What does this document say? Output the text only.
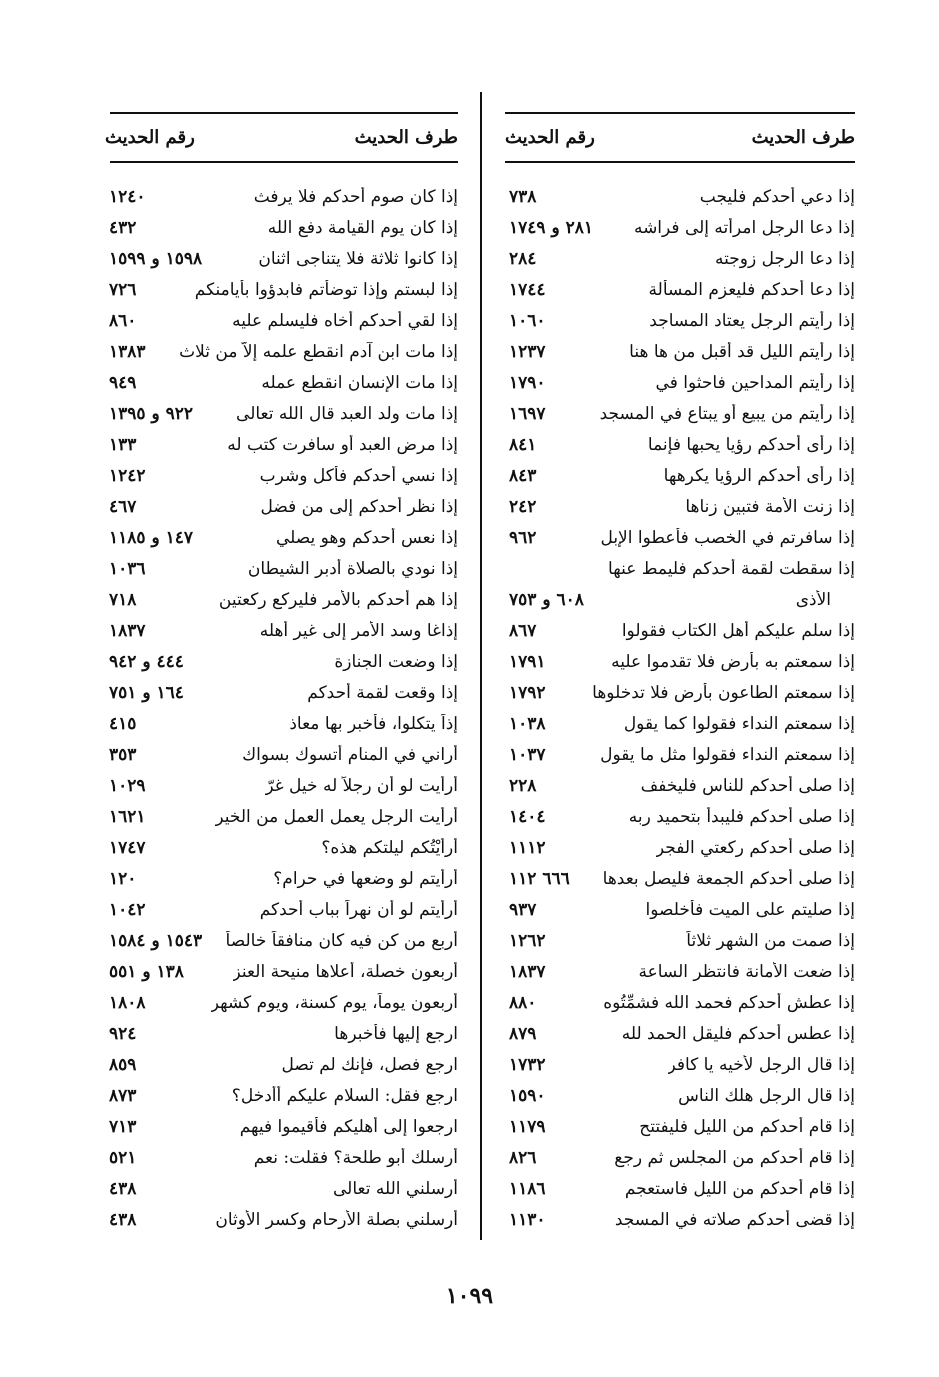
طرف الحديث
رقم الحديث
إذا دعي أحدكم فليجب
٧٣٨
إذا دعا الرجل امرأته إلى فراشه
٢٨١ و ١٧٤٩
إذا دعا الرجل زوجته
٢٨٤
إذا دعا أحدكم فليعزم المسألة
١٧٤٤
إذا رأيتم الرجل يعتاد المساجد
١٠٦٠
إذا رأيتم الليل قد أقبل من ها هنا
١٢٣٧
إذا رأيتم المداحين فاحثوا في
١٧٩٠
إذا رأيتم من يبيع أو يبتاع في المسجد
١٦٩٧
إذا رأى أحدكم رؤيا يحبها فإنما
٨٤١
إذا رأى أحدكم الرؤيا يكرهها
٨٤٣
إذا زنت الأمة فتبين زناها
٢٤٢
إذا سافرتم في الخصب فأعطوا الإبل
٩٦٢
إذا سقطت لقمة أحدكم فليمط عنها
الأذى
٦٠٨ و ٧٥٣
إذا سلم عليكم أهل الكتاب فقولوا
٨٦٧
إذا سمعتم به بأرض فلا تقدموا عليه
١٧٩١
إذا سمعتم الطاعون بأرض فلا تدخلوها
١٧٩٢
إذا سمعتم النداء فقولوا كما يقول
١٠٣٨
إذا سمعتم النداء فقولوا مثل ما يقول
١٠٣٧
إذا صلى أحدكم للناس فليخفف
٢٢٨
إذا صلى أحدكم فليبدأ بتحميد ربه
١٤٠٤
إذا صلى أحدكم ركعتي الفجر
١١١٢
إذا صلى أحدكم الجمعة فليصل بعدها
٦٦٦ ١١٢
إذا صليتم على الميت فأخلصوا
٩٣٧
إذا صمت من الشهر ثلاثاً
١٢٦٢
إذا ضعت الأمانة فانتظر الساعة
١٨٣٧
إذا عطش أحدكم فحمد الله فشمِّتُوه
٨٨٠
إذا عطس أحدكم فليقل الحمد لله
٨٧٩
إذا قال الرجل لأخيه يا كافر
١٧٣٢
إذا قال الرجل هلك الناس
١٥٩٠
إذا قام أحدكم من الليل فليفتتح
١١٧٩
إذا قام أحدكم من المجلس ثم رجع
٨٢٦
إذا قام أحدكم من الليل فاستعجم
١١٨٦
إذا قضى أحدكم صلاته في المسجد
١١٣٠
طرف الحديث
رقم الحديث
إذا كان صوم أحدكم فلا يرفث
١٢٤٠
إذا كان يوم القيامة دفع الله
٤٣٢
إذا كانوا ثلاثة فلا يتناجى اثنان
١٥٩٨ و ١٥٩٩
إذا لبستم وإذا توضأتم فابدؤوا بأيامنكم
٧٢٦
إذا لقي أحدكم أخاه فليسلم عليه
٨٦٠
إذا مات ابن آدم انقطع علمه إلاّ من ثلاث
١٣٨٣
إذا مات الإنسان انقطع عمله
٩٤٩
إذا مات ولد العبد قال الله تعالى
٩٢٢ و ١٣٩٥
إذا مرض العبد أو سافرت كتب له
١٣٣
إذا نسي أحدكم فأكل وشرب
١٢٤٢
إذا نظر أحدكم إلى من فضل
٤٦٧
إذا نعس أحدكم وهو يصلي
١٤٧ و ١١٨٥
إذا نودي بالصلاة أدبر الشيطان
١٠٣٦
إذا هم أحدكم بالأمر فليركع ركعتين
٧١٨
إذاغا وسد الأمر إلى غير أهله
١٨٣٧
إذا وضعت الجنازة
٤٤٤ و ٩٤٢
إذا وقعت لقمة أحدكم
١٦٤ و ٧٥١
إذاً يتكلوا، فأخبر بها معاذ
٤١٥
أراني في المنام أتسوك بسواك
٣٥٣
أرأيت لو أن رجلاً له خيل غرّ
١٠٢٩
أرأيت الرجل يعمل العمل من الخير
١٦٢١
أرأيْتُكم ليلتكم هذه؟
١٧٤٧
أرأيتم لو وضعها في حرام؟
١٢٠
أرأيتم لو أن نهراً بباب أحدكم
١٠٤٢
أربع من كن فيه كان منافقاً خالصاً
١٥٤٣ و ١٥٨٤
أربعون خصلة، أعلاها منيحة العنز
١٣٨ و ٥٥١
أربعون يوماً، يوم كسنة، ويوم كشهر
١٨٠٨
ارجع إليها فأخبرها
٩٢٤
ارجع فصل، فإنك لم تصل
٨٥٩
ارجع فقل: السلام عليكم أأدخل؟
٨٧٣
ارجعوا إلى أهليكم فأقيموا فيهم
٧١٣
أرسلك أبو طلحة؟ فقلت: نعم
٥٢١
أرسلني الله تعالى
٤٣٨
أرسلني بصلة الأرحام وكسر الأوثان
٤٣٨
١٠٩٩
